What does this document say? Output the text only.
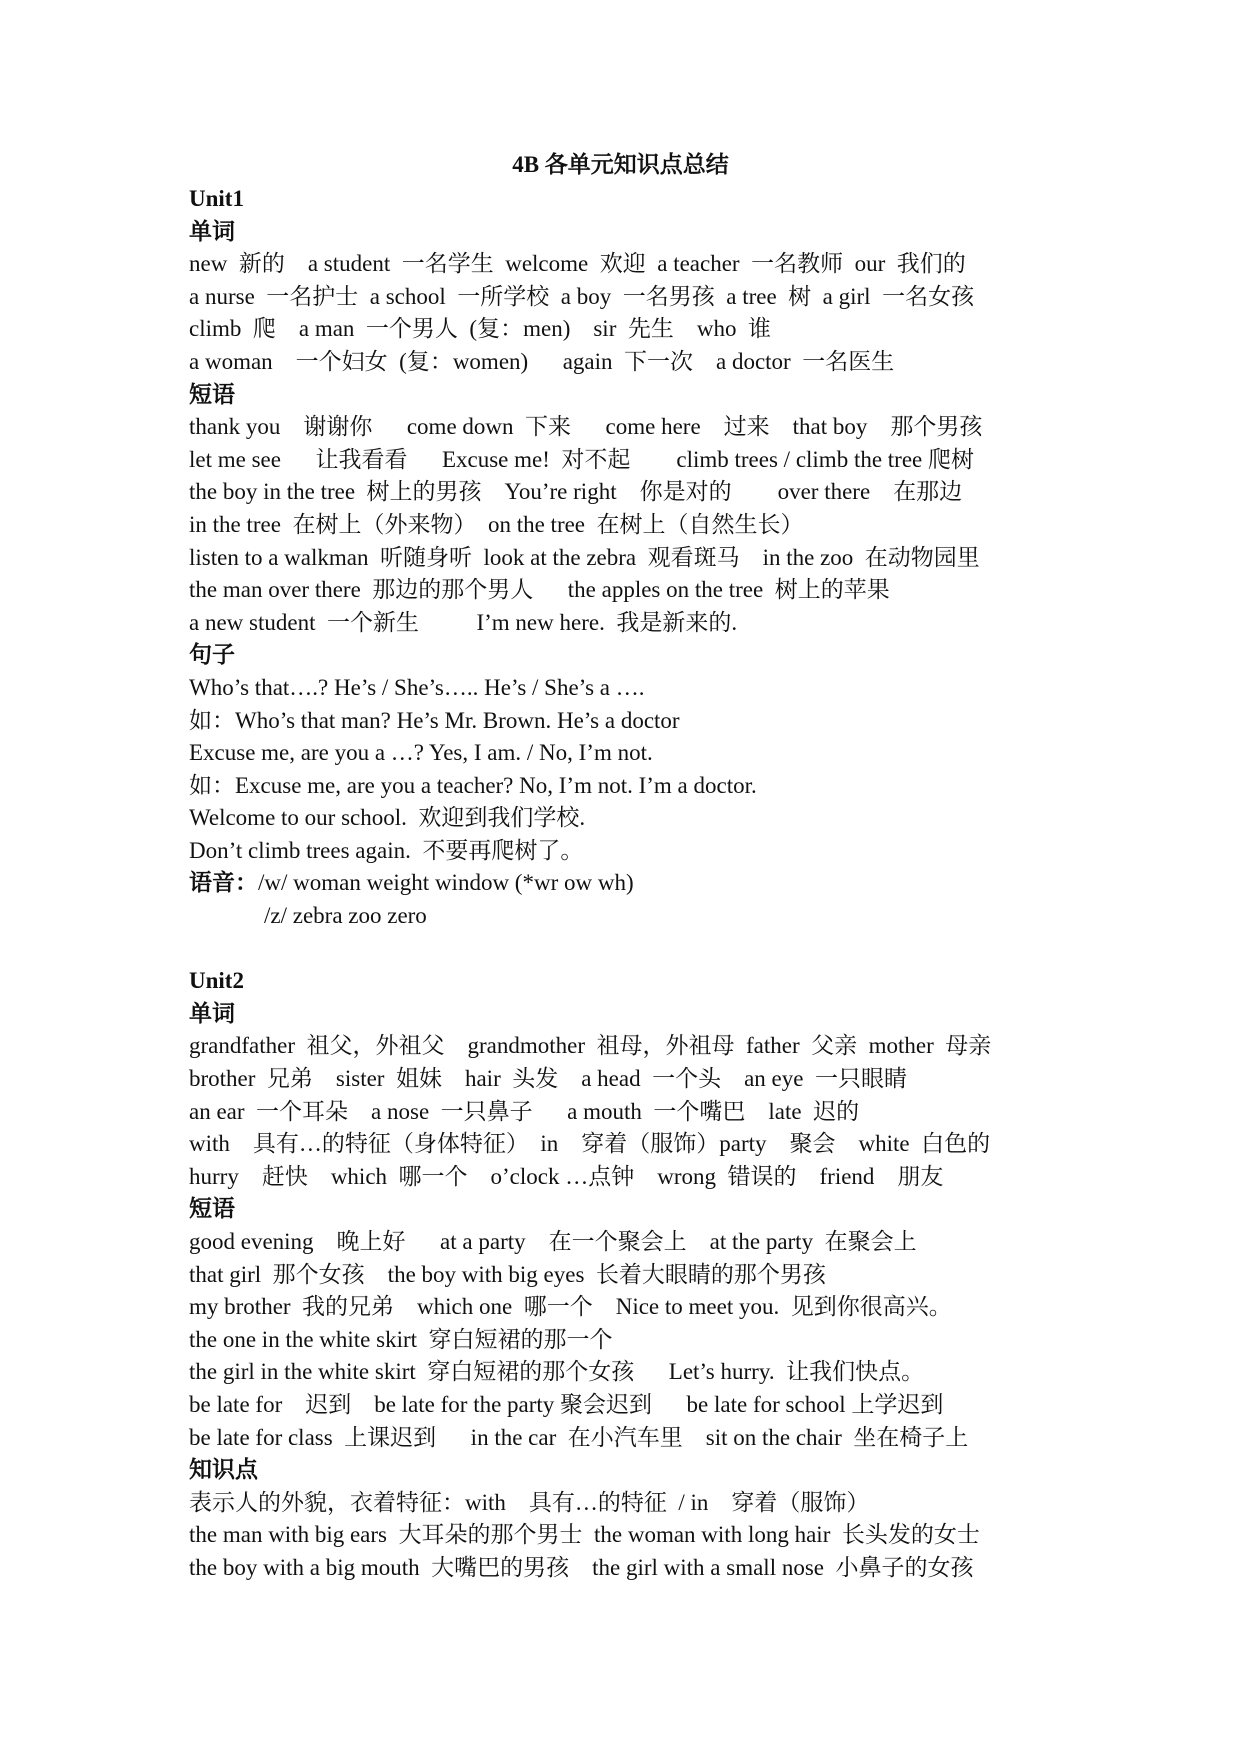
4B 各单元知识点总结
Unit1
单词
new  新的    a student  一名学生  welcome  欢迎  a teacher  一名教师  our  我们的
a nurse  一名护士  a school  一所学校  a boy  一名男孩  a tree  树  a girl  一名女孩
climb  爬    a man  一个男人  (复：men)    sir  先生    who  谁
a woman    一个妇女  (复：women)      again  下一次    a doctor  一名医生
短语
thank you    谢谢你      come down  下来      come here    过来    that boy    那个男孩
let me see      让我看看      Excuse me!  对不起        climb trees / climb the tree 爬树
the boy in the tree  树上的男孩    You’re right    你是对的        over there    在那边
in the tree  在树上（外来物）  on the tree  在树上（自然生长）
listen to a walkman  听随身听  look at the zebra  观看斑马    in the zoo  在动物园里
the man over there  那边的那个男人      the apples on the tree  树上的苹果
a new student  一个新生          I’m new here.  我是新来的.
句子
Who’s that….? He’s / She’s….. He’s / She’s a ….
如：Who’s that man? He’s Mr. Brown. He’s a doctor
Excuse me, are you a …? Yes, I am. / No, I’m not.
如：Excuse me, are you a teacher? No, I’m not. I’m a doctor.
Welcome to our school.  欢迎到我们学校.
Don’t climb trees again.  不要再爬树了。
语音：/w/ woman weight window (*wr ow wh)
/z/ zebra zoo zero
Unit2
单词
grandfather  祖父，外祖父    grandmother  祖母，外祖母  father  父亲  mother  母亲
brother  兄弟    sister  姐妹    hair  头发    a head  一个头    an eye  一只眼睛
an ear  一个耳朵    a nose  一只鼻子      a mouth  一个嘴巴    late  迟的
with    具有…的特征（身体特征）  in    穿着（服饰）party    聚会    white  白色的
hurry    赶快    which  哪一个    o’clock …点钟    wrong  错误的    friend    朋友
短语
good evening    晚上好      at a party    在一个聚会上    at the party  在聚会上
that girl  那个女孩    the boy with big eyes  长着大眼睛的那个男孩
my brother  我的兄弟    which one  哪一个    Nice to meet you.  见到你很高兴。
the one in the white skirt  穿白短裙的那一个
the girl in the white skirt  穿白短裙的那个女孩      Let’s hurry.  让我们快点。
be late for    迟到    be late for the party 聚会迟到      be late for school 上学迟到
be late for class  上课迟到      in the car  在小汽车里    sit on the chair  坐在椅子上
知识点
表示人的外貌，衣着特征：with    具有…的特征  / in    穿着（服饰）
the man with big ears  大耳朵的那个男士  the woman with long hair  长头发的女士
the boy with a big mouth  大嘴巴的男孩    the girl with a small nose  小鼻子的女孩
